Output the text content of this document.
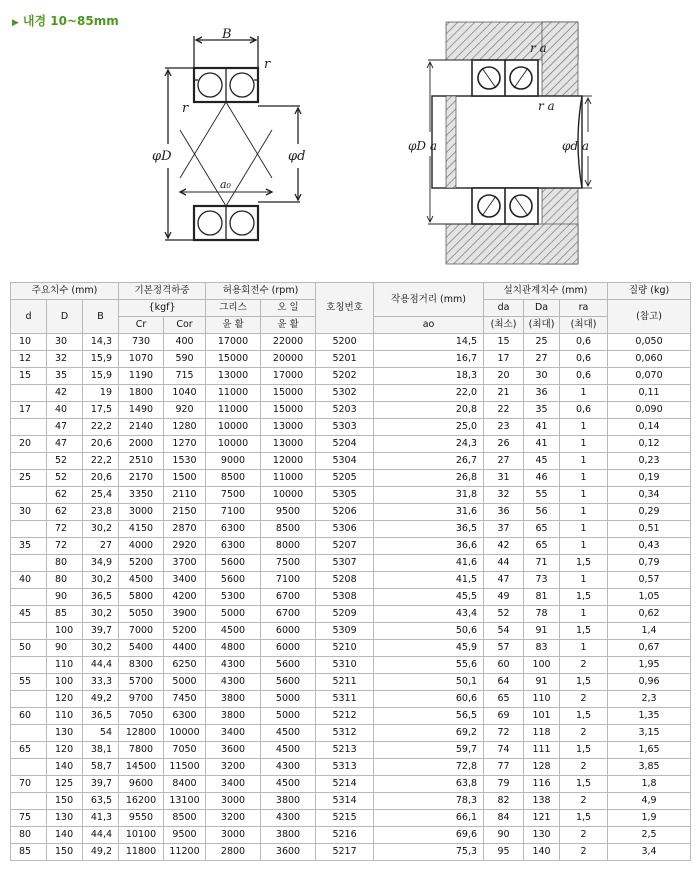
▶ 내경 10~85mm
B
r
r
φD
a₀
φd
r a
r a
φD a	φd a
주요치수 (mm)			기본정격하중		허용회전수 (rpm)		호칭번호	작용점거리 (mm)	설치관계치수 (mm)			질량 (kg)
d	D	B	{kgf}		그리스	오 일			da	Da	ra	(참고)
			Cr	Cor	윤 활	윤 활		ao	(최소)	(최대)	(최대)	
10	30	14,3	730	400	17000	22000	5200	14,5	15	25	0,6	0,050
12	32	15,9	1070	590	15000	20000	5201	16,7	17	27	0,6	0,060
15	35	15,9	1190	715	13000	17000	5202	18,3	20	30	0,6	0,070
	42	19	1800	1040	11000	15000	5302	22,0	21	36	1	0,11
17	40	17,5	1490	920	11000	15000	5203	20,8	22	35	0,6	0,090
	47	22,2	2140	1280	10000	13000	5303	25,0	23	41	1	0,14
20	47	20,6	2000	1270	10000	13000	5204	24,3	26	41	1	0,12
	52	22,2	2510	1530	9000	12000	5304	26,7	27	45	1	0,23
25	52	20,6	2170	1500	8500	11000	5205	26,8	31	46	1	0,19
	62	25,4	3350	2110	7500	10000	5305	31,8	32	55	1	0,34
30	62	23,8	3000	2150	7100	9500	5206	31,6	36	56	1	0,29
	72	30,2	4150	2870	6300	8500	5306	36,5	37	65	1	0,51
35	72	27	4000	2920	6300	8000	5207	36,6	42	65	1	0,43
	80	34,9	5200	3700	5600	7500	5307	41,6	44	71	1,5	0,79
40	80	30,2	4500	3400	5600	7100	5208	41,5	47	73	1	0,57
	90	36,5	5800	4200	5300	6700	5308	45,5	49	81	1,5	1,05
45	85	30,2	5050	3900	5000	6700	5209	43,4	52	78	1	0,62
	100	39,7	7000	5200	4500	6000	5309	50,6	54	91	1,5	1,4
50	90	30,2	5400	4400	4800	6000	5210	45,9	57	83	1	0,67
	110	44,4	8300	6250	4300	5600	5310	55,6	60	100	2	1,95
55	100	33,3	5700	5000	4300	5600	5211	50,1	64	91	1,5	0,96
	120	49,2	9700	7450	3800	5000	5311	60,6	65	110	2	2,3
60	110	36,5	7050	6300	3800	5000	5212	56,5	69	101	1,5	1,35
	130	54	12800	10000	3400	4500	5312	69,2	72	118	2	3,15
65	120	38,1	7800	7050	3600	4500	5213	59,7	74	111	1,5	1,65
	140	58,7	14500	11500	3200	4300	5313	72,8	77	128	2	3,85
70	125	39,7	9600	8400	3400	4500	5214	63,8	79	116	1,5	1,8
	150	63,5	16200	13100	3000	3800	5314	78,3	82	138	2	4,9
75	130	41,3	9550	8500	3200	4300	5215	66,1	84	121	1,5	1,9
80	140	44,4	10100	9500	3000	3800	5216	69,6	90	130	2	2,5
85	150	49,2	11800	11200	2800	3600	5217	75,3	95	140	2	3,4
